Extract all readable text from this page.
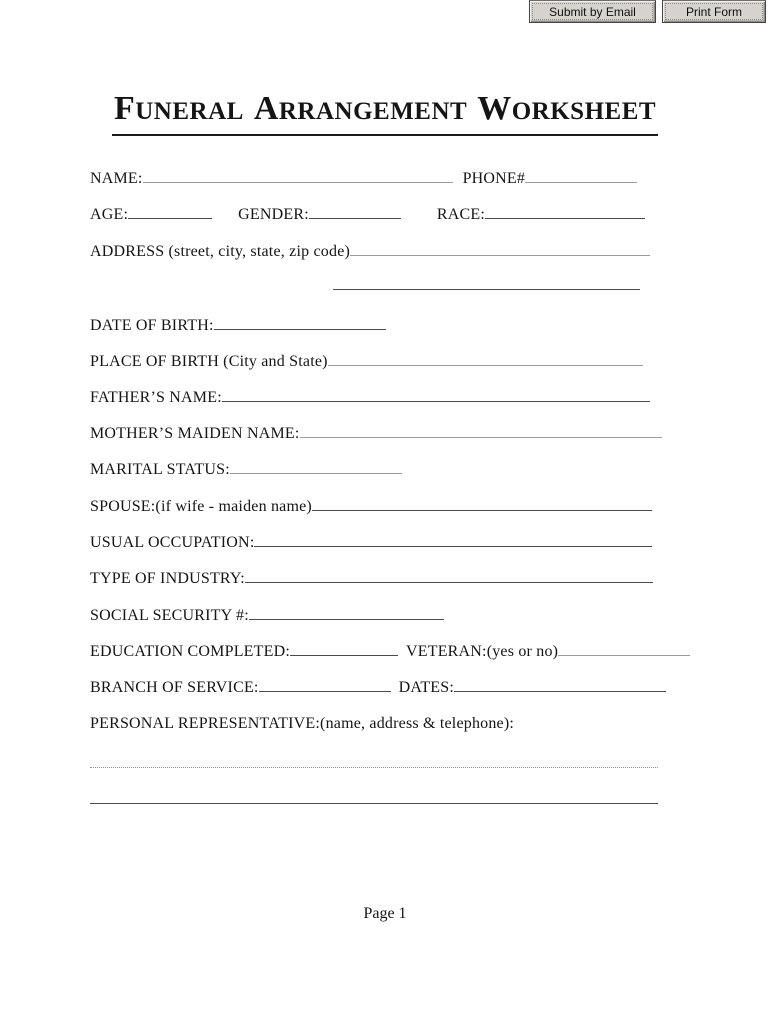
Submit by Email	Print Form
FUNERAL ARRANGEMENT WORKSHEET
NAME:	PHONE#
AGE:	GENDER:	RACE:
ADDRESS (street, city, state, zip code)
DATE OF BIRTH:
PLACE OF BIRTH (City and State)
FATHER’S NAME:
MOTHER’S MAIDEN NAME:
MARITAL STATUS:
SPOUSE:(if wife - maiden name)
USUAL OCCUPATION:
TYPE OF INDUSTRY:
SOCIAL SECURITY #:
EDUCATION COMPLETED:	VETERAN:(yes or no)
BRANCH OF SERVICE:	DATES:
PERSONAL REPRESENTATIVE:(name, address & telephone):
Page 1
